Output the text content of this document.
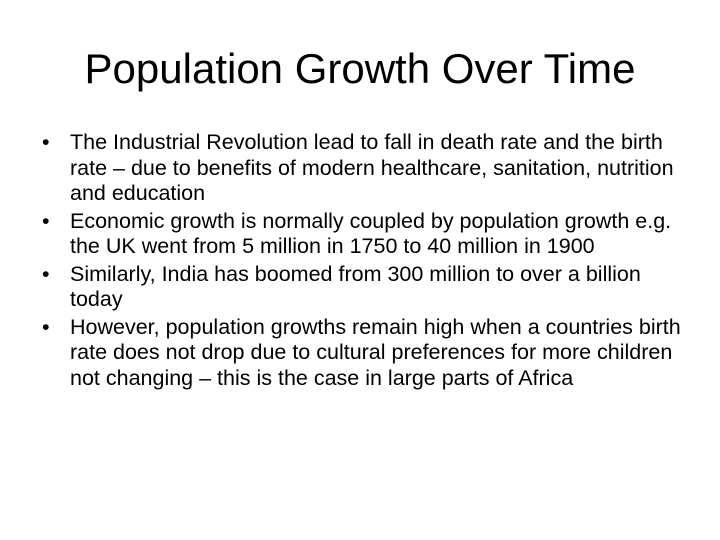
Population Growth Over Time
• The Industrial Revolution lead to fall in death rate and the birth rate – due to benefits of modern healthcare, sanitation, nutrition and education
• Economic growth is normally coupled by population growth e.g. the UK went from 5 million in 1750 to 40 million in 1900
• Similarly, India has boomed from 300 million to over a billion today
• However, population growths remain high when a countries birth rate does not drop due to cultural preferences for more children not changing – this is the case in large parts of Africa
